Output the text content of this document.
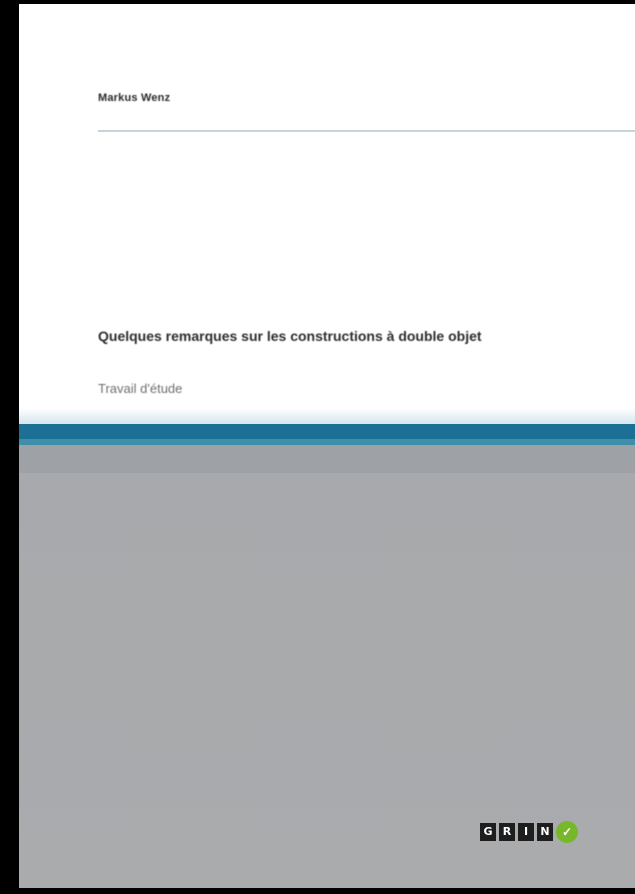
Markus Wenz
Quelques remarques sur les constructions à double objet
Travail d'étude
G R	I	N	✓
